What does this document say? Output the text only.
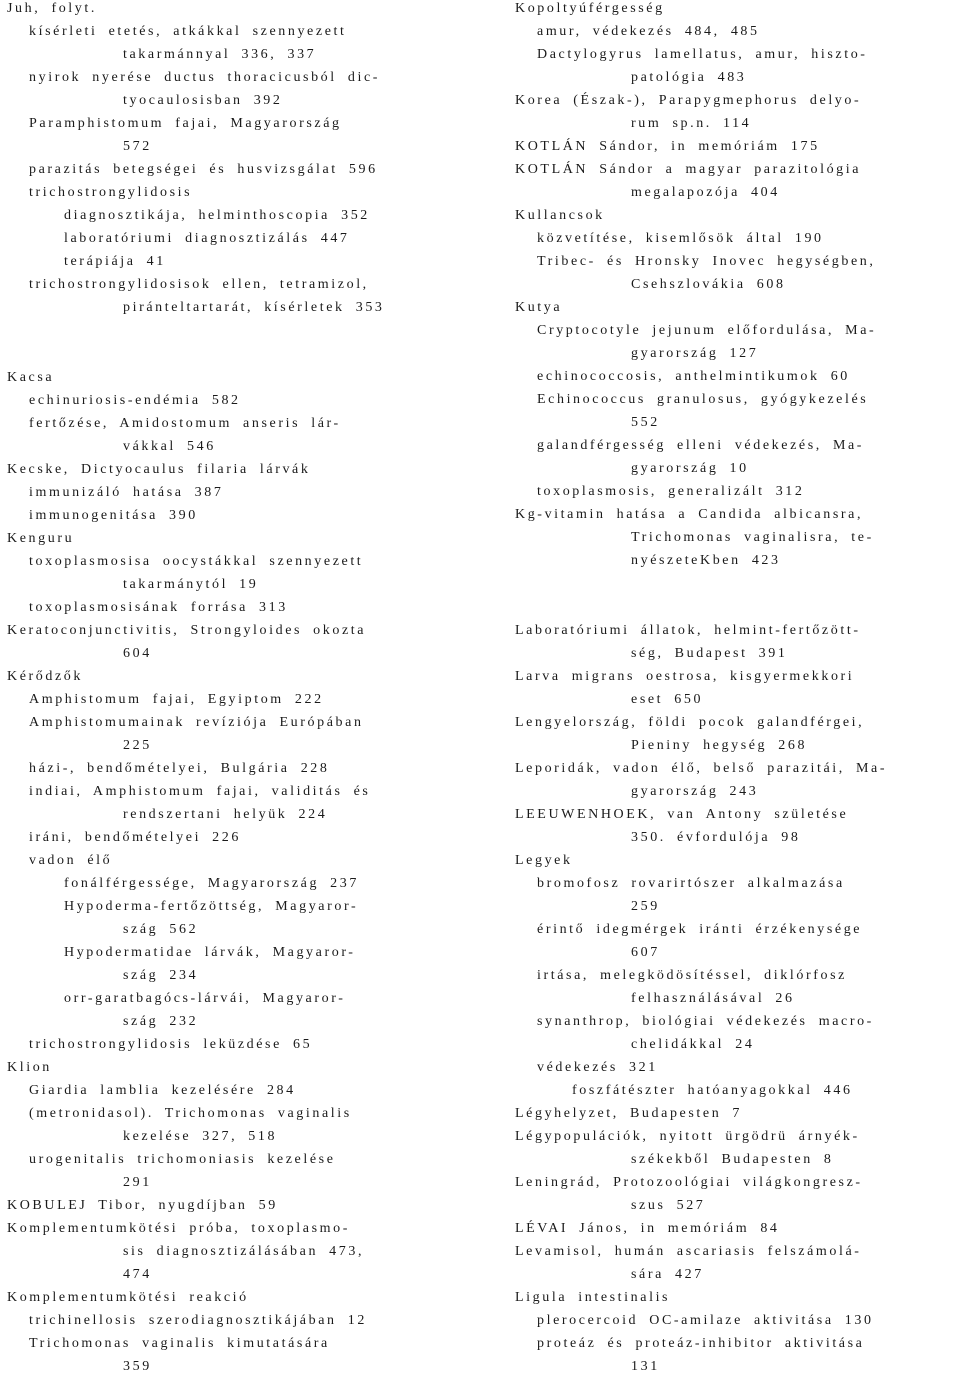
Juh, folyt.
kísérleti etetés, atkákkal szennyezett
takarmánnyal 336, 337
nyirok nyerése ductus thoracicusból dic-
tyocaulosisban 392
Paramphistomum fajai, Magyarország
572
parazitás betegségei és husvizsgálat 596
trichostrongylidosis
diagnosztikája, helminthoscopia 352
laboratóriumi diagnosztizálás 447
terápiája 41
trichostrongylidosisok ellen, tetramizol,
piránteltartarát, kísérletek 353
Kacsa
echinuriosis-endémia 582
fertőzése, Amidostomum anseris lár-
vákkal 546
Kecske, Dictyocaulus filaria lárvák
immunizáló hatása 387
immunogenitása 390
Kenguru
toxoplasmosisa oocystákkal szennyezett
takarmánytól 19
toxoplasmosisának forrása 313
Keratoconjunctivitis, Strongyloides okozta
604
Kérődzők
Amphistomum fajai, Egyiptom 222
Amphistomumainak revíziója Európában
225
házi-, bendőmételyei, Bulgária 228
indiai, Amphistomum fajai, validitás és
rendszertani helyük 224
iráni, bendőmételyei 226
vadon élő
fonálférgessége, Magyarország 237
Hypoderma-fertőzöttség, Magyaror-
szág 562
Hypodermatidae lárvák, Magyaror-
szág 234
orr-garatbagócs-lárvái, Magyaror-
szág 232
trichostrongylidosis leküzdése 65
Klion
Giardia lamblia kezelésére 284
(metronidasol). Trichomonas vaginalis
kezelése 327, 518
urogenitalis trichomoniasis kezelése
291
KOBULEJ Tibor, nyugdíjban 59
Komplementumkötési próba, toxoplasmo-
sis diagnosztizálásában 473,
474
Komplementumkötési reakció
trichinellosis szerodiagnosztikájában 12
Trichomonas vaginalis kimutatására
359
Kopoltyúférgesség
amur, védekezés 484, 485
Dactylogyrus lamellatus, amur, hiszto-
patológia 483
Korea (Észak-), Parapygmephorus delyo-
rum sp.n. 114
KOTLÁN Sándor, in memóriám 175
KOTLÁN Sándor a magyar parazitológia
megalapozója 404
Kullancsok
közvetítése, kisemlősök által 190
Tribec- és Hronsky Inovec hegységben,
Csehszlovákia 608
Kutya
Cryptocotyle jejunum előfordulása, Ma-
gyarország 127
echinococcosis, anthelmintikumok 60
Echinococcus granulosus, gyógykezelés
552
galandférgesség elleni védekezés, Ma-
gyarország 10
toxoplasmosis, generalizált 312
Kg-vitamin hatása a Candida albicansra,
Trichomonas vaginalisra, te-
nyészeteKben 423
Laboratóriumi állatok, helmint-fertőzött-
ség, Budapest 391
Larva migrans oestrosa, kisgyermekkori
eset 650
Lengyelország, földi pocok galandférgei,
Pieniny hegység 268
Leporidák, vadon élő, belső parazitái, Ma-
gyarország 243
LEEUWENHOEK, van Antony születése
350. évfordulója 98
Legyek
bromofosz rovarirtószer alkalmazása
259
érintő idegmérgek iránti érzékenysége
607
irtása, melegködösítéssel, diklórfosz
felhasználásával 26
synanthrop, biológiai védekezés macro-
chelidákkal 24
védekezés 321
foszfátészter hatóanyagokkal 446
Légyhelyzet, Budapesten 7
Légypopulációk, nyitott ürgödrü árnyék-
székekből Budapesten 8
Leningrád, Protozoológiai világkongresz-
szus 527
LÉVAI János, in memóriám 84
Levamisol, humán ascariasis felszámolá-
sára 427
Ligula intestinalis
plerocercoid OC-amilaze aktivitása 130
proteáz és proteáz-inhibitor aktivitása
131
